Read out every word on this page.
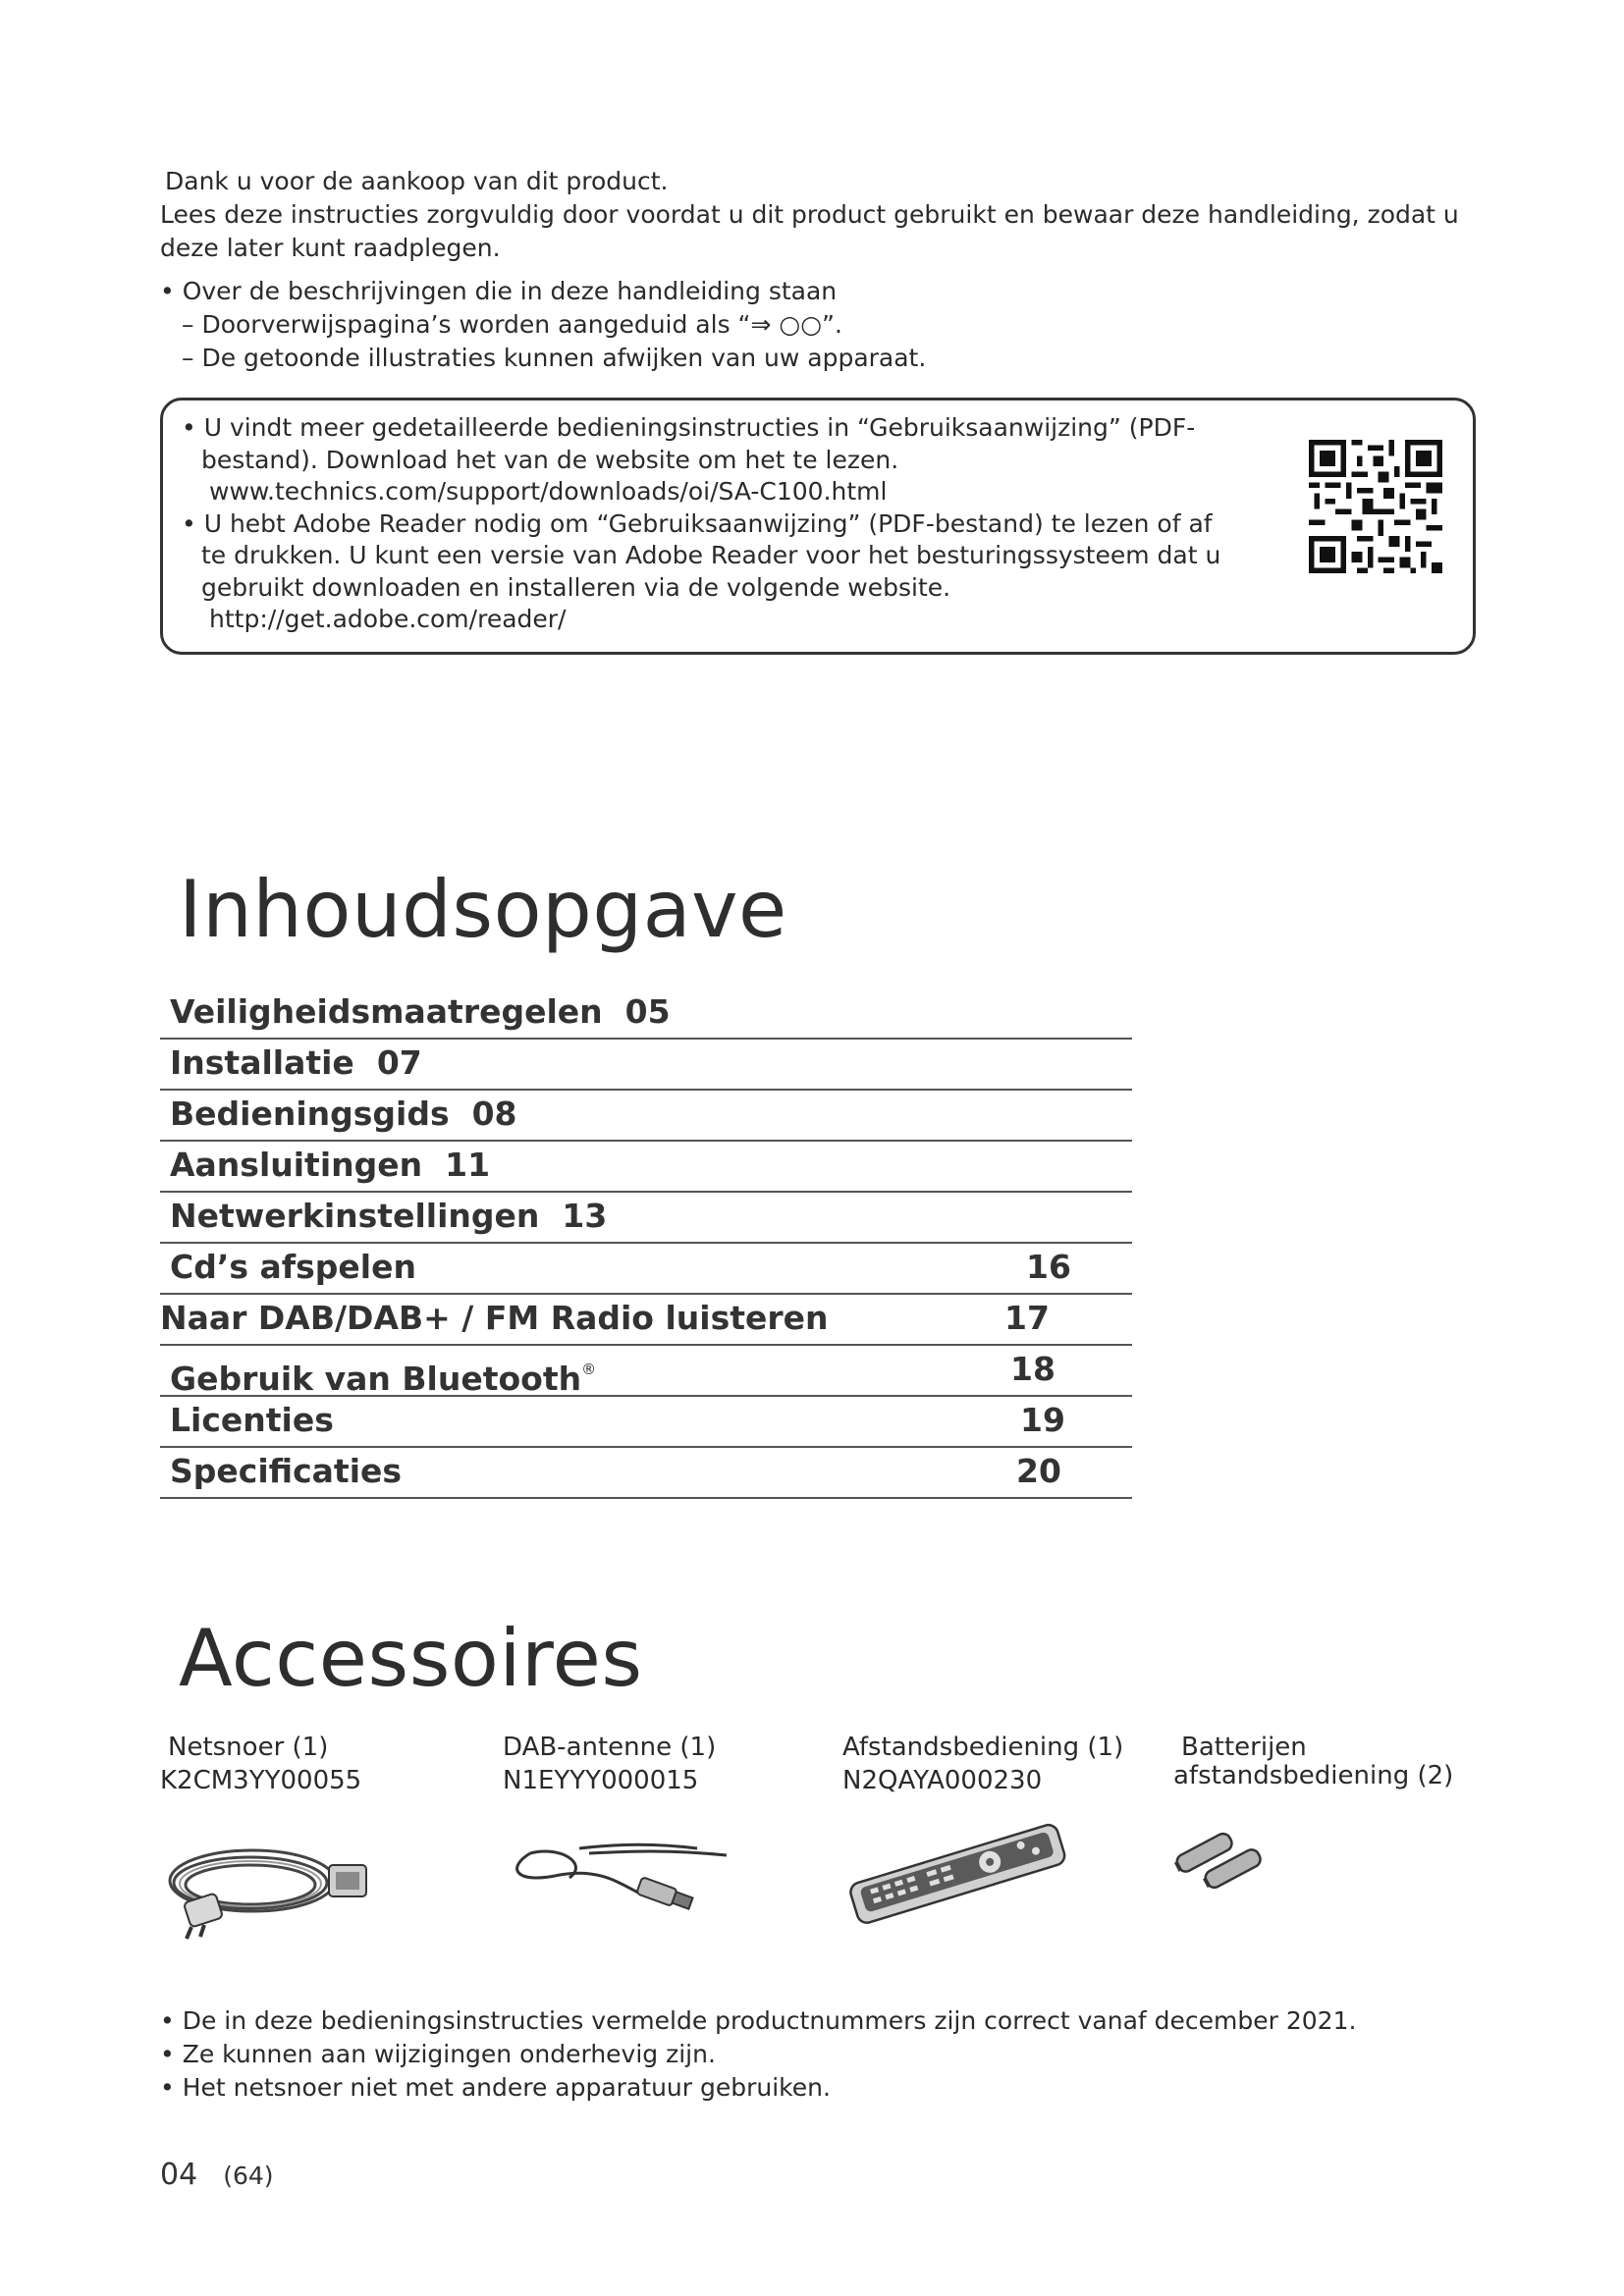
Dank u voor de aankoop van dit product.

Lees deze instructies zorgvuldig door voordat u dit product gebruikt en bewaar deze handleiding, zodat u

deze later kunt raadplegen.

• Over de beschrijvingen die in deze handleiding staan

– Doorverwijspagina’s worden aangeduid als “⇒ ○○”.

– De getoonde illustraties kunnen afwijken van uw apparaat.

• U vindt meer gedetailleerde bedieningsinstructies in “Gebruiksaanwijzing” (PDF-

bestand). Download het van de website om het te lezen.

www.technics.com/support/downloads/oi/SA-C100.html

• U hebt Adobe Reader nodig om “Gebruiksaanwijzing” (PDF-bestand) te lezen of af

te drukken. U kunt een versie van Adobe Reader voor het besturingssysteem dat u

gebruikt downloaden en installeren via de volgende website.

http://get.adobe.com/reader/

Inhoudsopgave
Veiligheidsmaatregelen 05
Installatie 07
Bedieningsgids 08
Aansluitingen 11
Netwerkinstellingen 13
Cd’s afspelen	16
Naar DAB/DAB+ / FM Radio luisteren	17
Gebruik van Bluetooth®	18
Licenties	19
Specificaties	20
Accessoires

Netsnoer (1)

K2CM3YY00055

DAB-antenne (1)

N1EYYY000015

Afstandsbediening (1)

N2QAYA000230

Batterijen

afstandsbediening (2)

• De in deze bedieningsinstructies vermelde productnummers zijn correct vanaf december 2021.

• Ze kunnen aan wijzigingen onderhevig zijn.

• Het netsnoer niet met andere apparatuur gebruiken.

04 (64)
